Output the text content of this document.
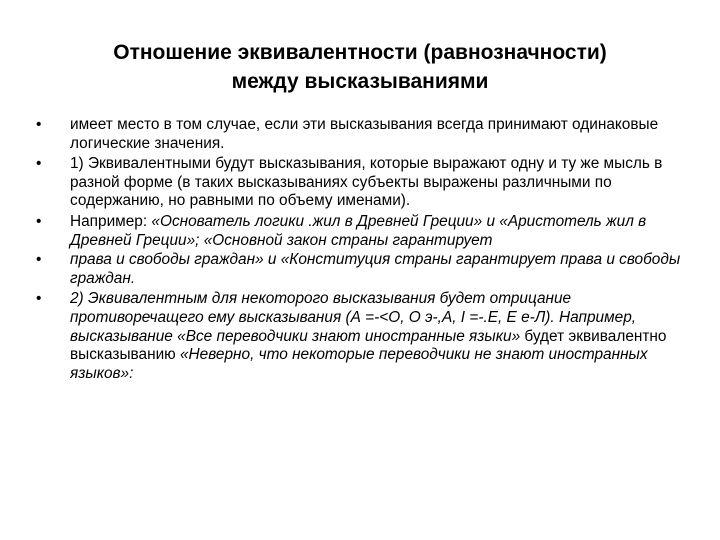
Отношение эквивалентности (равнозначности)
между высказываниями
•	имеет место в том случае, если эти высказывания всегда принимают одинаковые логические значения.
•	1) Эквивалентными будут высказывания, которые выражают одну и ту же мысль в разной форме (в таких высказываниях субъекты выражены различными по содержанию, но равными по объему именами).
•	Например: «Основатель логики .жил в Древней Греции» и «Аристотель жил в Древней Греции»; «Основной закон страны гарантирует
•	права и свободы граждан» и «Конституция страны гарантирует права и свободы граждан.
•	2) Эквивалентным для некоторого высказывания будет отрицание противоречащего ему высказывания (А =-<О, О э-,А, I =-.Е, Е е-Л). Например, высказывание «Все переводчики знают иностранные языки» будет эквивалентно высказыванию «Неверно, что некоторые переводчики не знают иностранных языков»:
